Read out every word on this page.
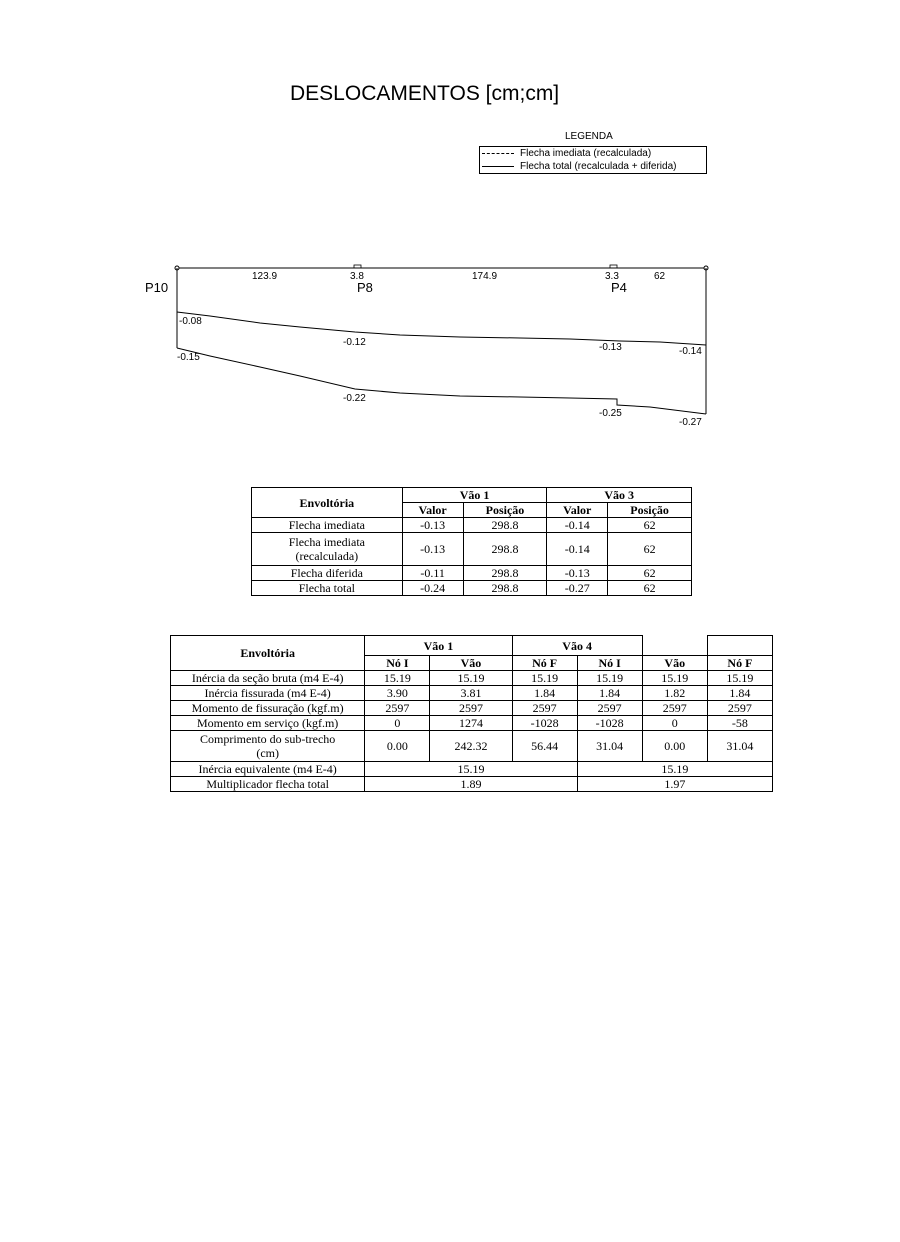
DESLOCAMENTOS [cm;cm]
LEGENDA
Flecha imediata (recalculada)
Flecha total (recalculada + diferida)
P10	P8	P4
123.9	3.8	174.9	3.3	62
-0.08
-0.12	-0.13	-0.14
-0.15
-0.22
-0.25
-0.27
Envoltória	Vão 1		Vão 3	
	Valor	Posição	Valor	Posição
Flecha imediata	-0.13	298.8	-0.14	62
Flecha imediata (recalculada)	-0.13	298.8	-0.14	62
Flecha diferida	-0.11	298.8	-0.13	62
Flecha total	-0.24	298.8	-0.27	62
Envoltória	Vão 1		Vão 4			
	Nó I	Vão	Nó F	Nó I	Vão	Nó F
Inércia da seção bruta (m4 E-4)	15.19	15.19	15.19	15.19	15.19	15.19
Inércia fissurada (m4 E-4)	3.90	3.81	1.84	1.84	1.82	1.84
Momento de fissuração (kgf.m)	2597	2597	2597	2597	2597	2597
Momento em serviço (kgf.m)	0	1274	-1028	-1028	0	-58
Comprimento do sub-trecho (cm)	0.00	242.32	56.44	31.04	0.00	31.04
Inércia equivalente (m4 E-4)	15.19			15.19		
Multiplicador flecha total	1.89			1.97		
